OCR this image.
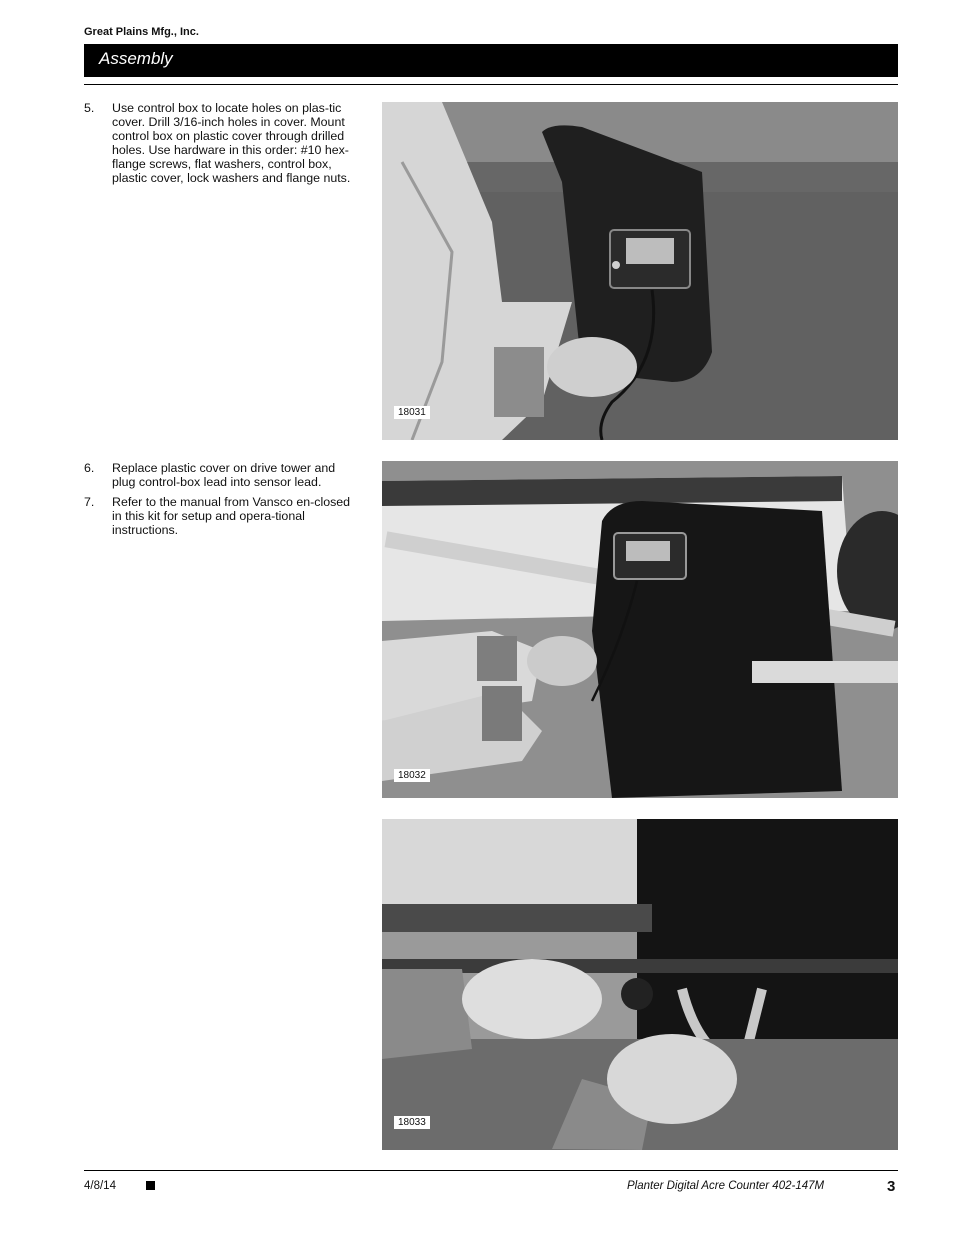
Great Plains Mfg., Inc.
Assembly
5.	Use control box to locate holes on plas-tic cover. Drill 3/16-inch holes in cover. Mount control box on plastic cover through drilled holes. Use hardware in this order: #10 hex-flange screws, flat washers, control box, plastic cover, lock washers and flange nuts.
6.	Replace plastic cover on drive tower and plug control-box lead into sensor lead.
7.	Refer to the manual from Vansco en-closed in this kit for setup and opera-tional instructions.
18031
18032
18033
4/8/14	Planter Digital Acre Counter 402-147M	3
